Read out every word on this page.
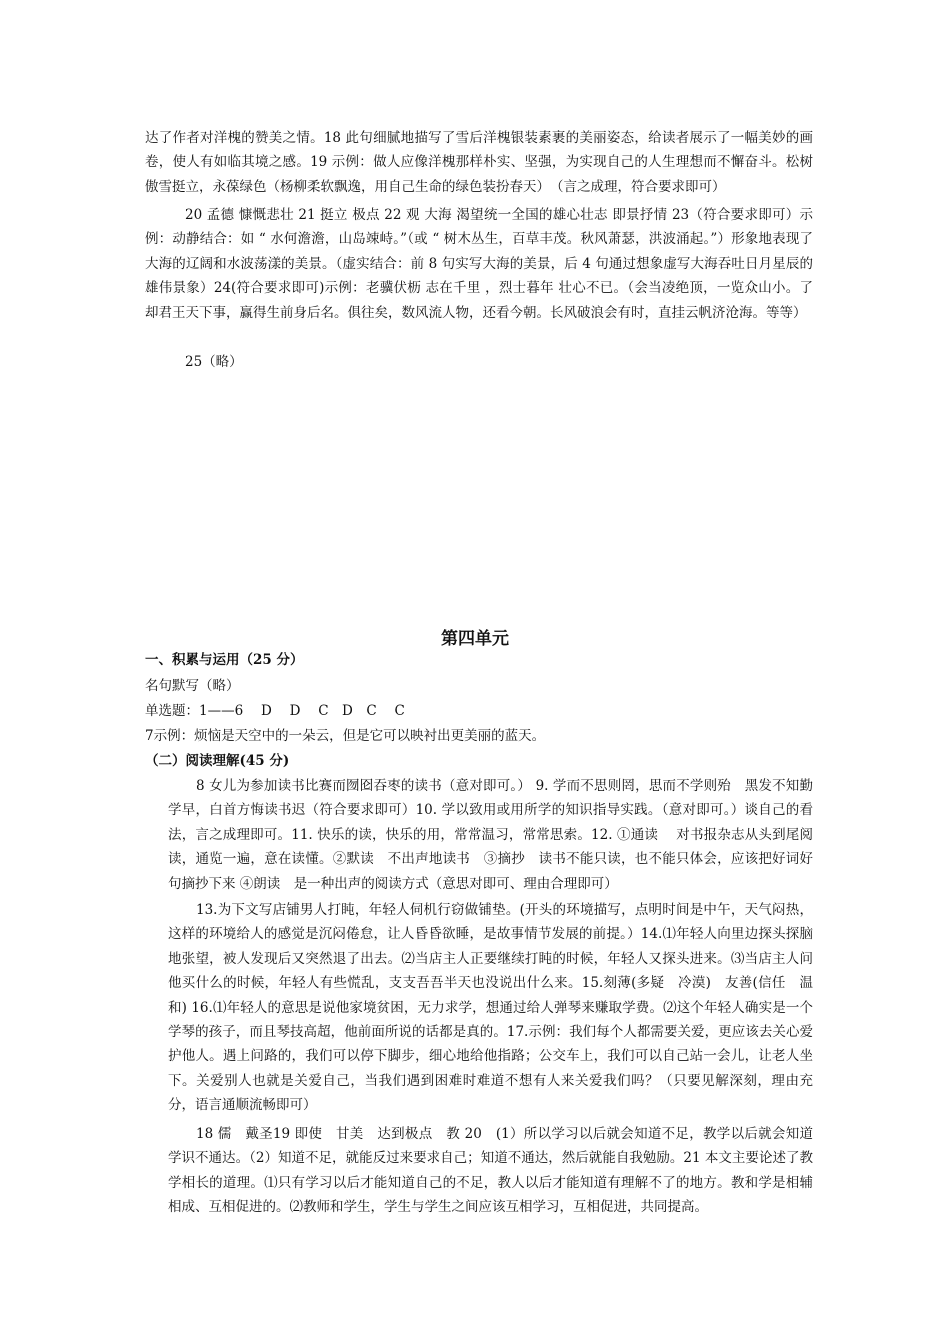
达了作者对洋槐的赞美之情。18 此句细腻地描写了雪后洋槐银装素裹的美丽姿态，给读者展示了一幅美妙的画卷，使人有如临其境之感。19 示例：做人应像洋槐那样朴实、坚强，为实现自己的人生理想而不懈奋斗。松树傲雪挺立，永葆绿色（杨柳柔软飘逸，用自己生命的绿色装扮春天）　（言之成理，符合要求即可）

20 孟德 慷慨悲壮 21 挺立 极点 22 观 大海 渴望统一全国的雄心壮志 即景抒情 23（符合要求即可）示例：动静结合：如 “ 水何澹澹，山岛竦峙。”（或 “ 树木丛生，百草丰茂。秋风萧瑟，洪波涌起。”）形象地表现了大海的辽阔和水波荡漾的美景。（虚实结合：前 8 句实写大海的美景，后 4 句通过想象虚写大海吞吐日月星辰的雄伟景象）24(符合要求即可)示例：老骥伏枥 志在千里 ，烈士暮年 壮心不已。（会当凌绝顶，一览众山小。了却君王天下事，赢得生前身后名。俱往矣，数风流人物，还看今朝。长风破浪会有时，直挂云帆济沧海。等等）

25（略）

第四单元

一、积累与运用（25 分）

名句默写（略）

单选题：1——6　 D　 D　 C　D　C　 C

7示例：烦恼是天空中的一朵云，但是它可以映衬出更美丽的蓝天。

（二）阅读理解(45 分)

8 女儿为参加读书比赛而囫囵吞枣的读书（意对即可。） 9. 学而不思则罔，思而不学则殆　黑发不知勤学早，白首方悔读书迟（符合要求即可）10. 学以致用或用所学的知识指导实践。（意对即可。）谈自己的看法，言之成理即可。11. 快乐的读，快乐的用，常常温习，常常思索。12. ①通读　 对书报杂志从头到尾阅读，通览一遍，意在读懂。②默读　不出声地读书　③摘抄　读书不能只读，也不能只体会，应该把好词好句摘抄下来 ④朗读　是一种出声的阅读方式（意思对即可、理由合理即可）

13.为下文写店铺男人打盹，年轻人伺机行窃做铺垫。(开头的环境描写，点明时间是中午，天气闷热，这样的环境给人的感觉是沉闷倦怠，让人昏昏欲睡，是故事情节发展的前提。）14.⑴年轻人向里边探头探脑地张望，被人发现后又突然退了出去。⑵当店主人正要继续打盹的时候，年轻人又探头进来。⑶当店主人问他买什么的时候，年轻人有些慌乱，支支吾吾半天也没说出什么来。15.刻薄(多疑　冷漠)　友善(信任　温和) 16.⑴年轻人的意思是说他家境贫困，无力求学，想通过给人弹琴来赚取学费。⑵这个年轻人确实是一个学琴的孩子，而且琴技高超，他前面所说的话都是真的。17.示例：我们每个人都需要关爱，更应该去关心爱护他人。遇上问路的，我们可以停下脚步，细心地给他指路；公交车上，我们可以自己站一会儿，让老人坐下。关爱别人也就是关爱自己，当我们遇到困难时难道不想有人来关爱我们吗？（只要见解深刻，理由充分，语言通顺流畅即可）

18 儒　戴圣19 即使　甘美　达到极点　教 20　(1）所以学习以后就会知道不足，教学以后就会知道学识不通达。（2）知道不足，就能反过来要求自己；知道不通达，然后就能自我勉励。21 本文主要论述了教学相长的道理。⑴只有学习以后才能知道自己的不足，教人以后才能知道有理解不了的地方。教和学是相辅相成、互相促进的。⑵教师和学生，学生与学生之间应该互相学习，互相促进，共同提高。
